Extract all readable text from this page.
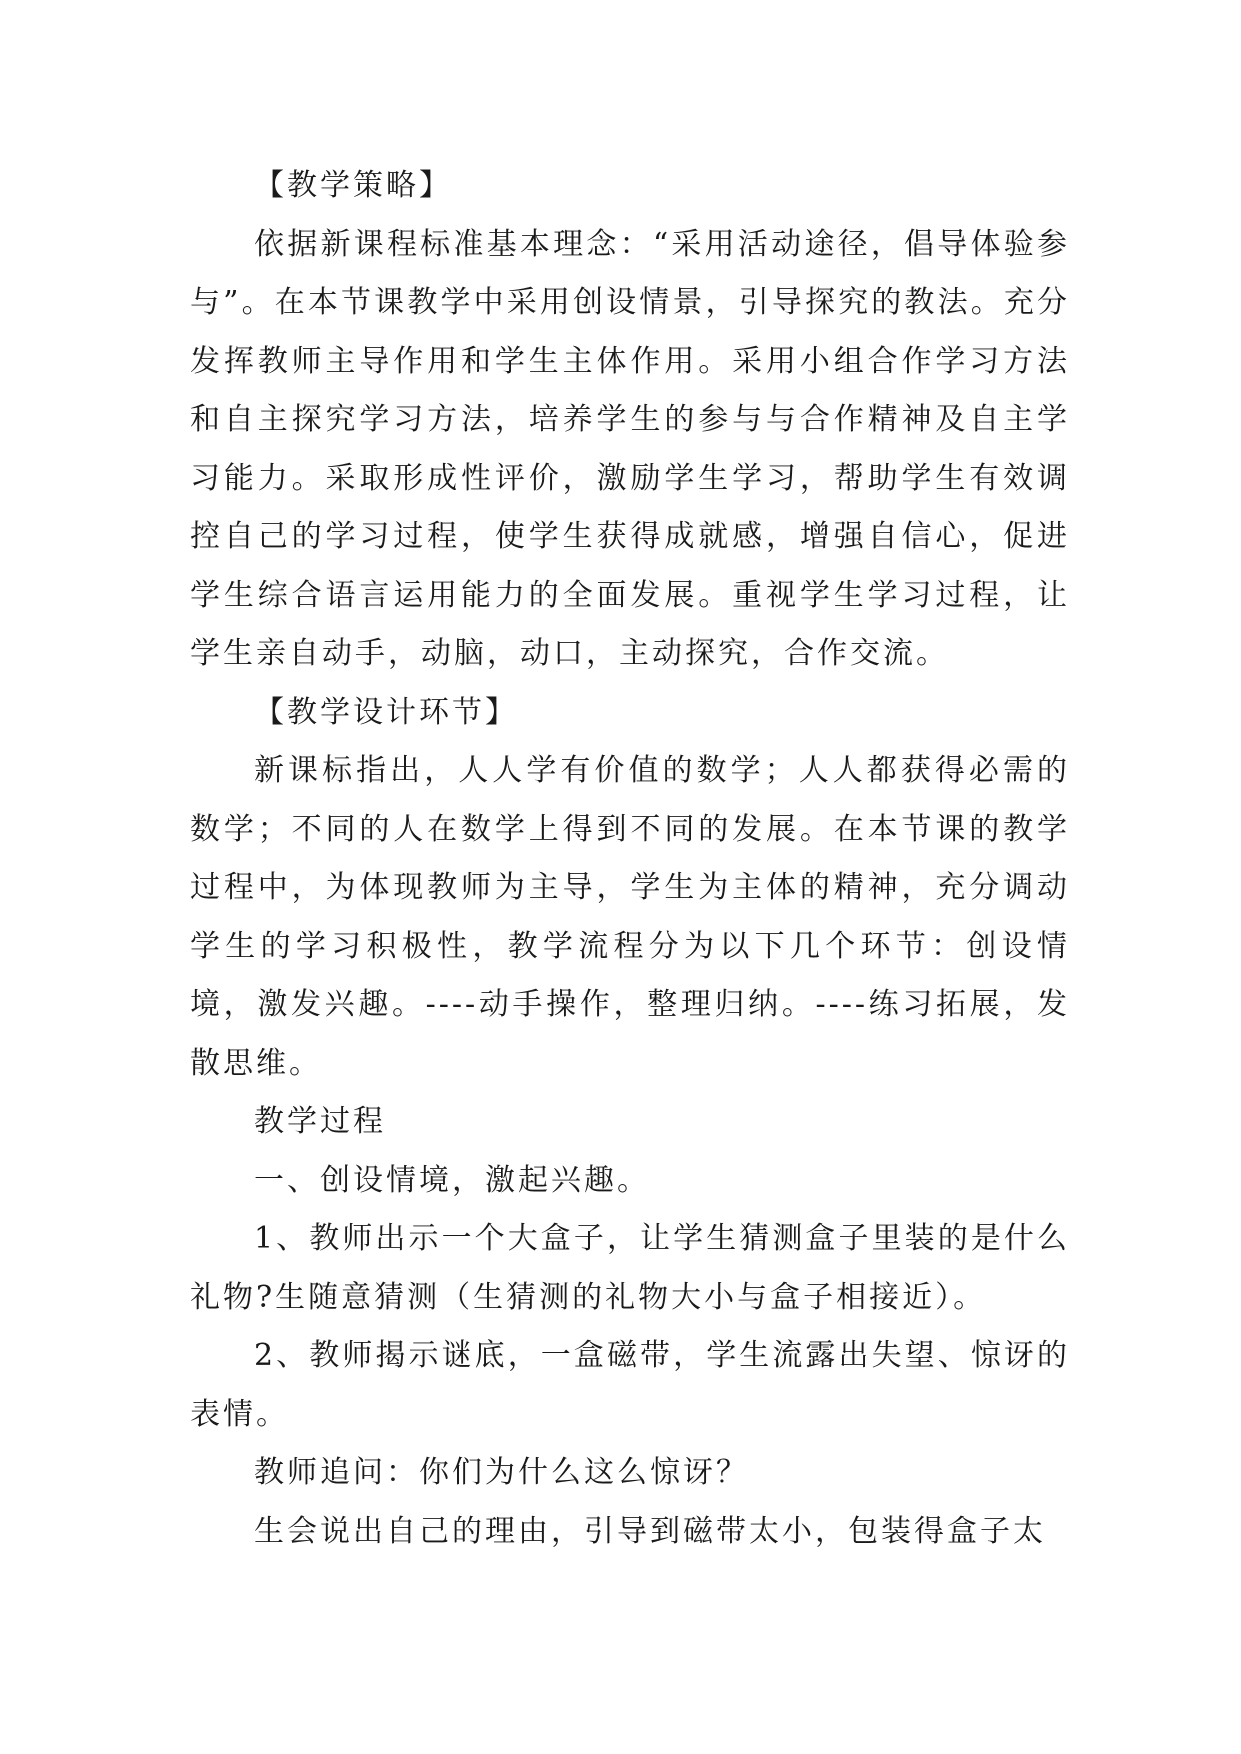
【教学策略】

依据新课程标准基本理念：“采用活动途径，倡导体验参与”。在本节课教学中采用创设情景，引导探究的教法。充分发挥教师主导作用和学生主体作用。采用小组合作学习方法和自主探究学习方法，培养学生的参与与合作精神及自主学习能力。采取形成性评价，激励学生学习，帮助学生有效调控自己的学习过程，使学生获得成就感，增强自信心，促进学生综合语言运用能力的全面发展。重视学生学习过程，让学生亲自动手，动脑，动口，主动探究，合作交流。

【教学设计环节】

新课标指出，人人学有价值的数学；人人都获得必需的数学；不同的人在数学上得到不同的发展。在本节课的教学过程中，为体现教师为主导，学生为主体的精神，充分调动学生的学习积极性，教学流程分为以下几个环节：创设情境，激发兴趣。----动手操作，整理归纳。----练习拓展，发散思维。

教学过程

一、创设情境，激起兴趣。

1、教师出示一个大盒子，让学生猜测盒子里装的是什么礼物?生随意猜测（生猜测的礼物大小与盒子相接近）。

2、教师揭示谜底，一盒磁带，学生流露出失望、惊讶的表情。

教师追问：你们为什么这么惊讶？

生会说出自己的理由，引导到磁带太小，包装得盒子太
